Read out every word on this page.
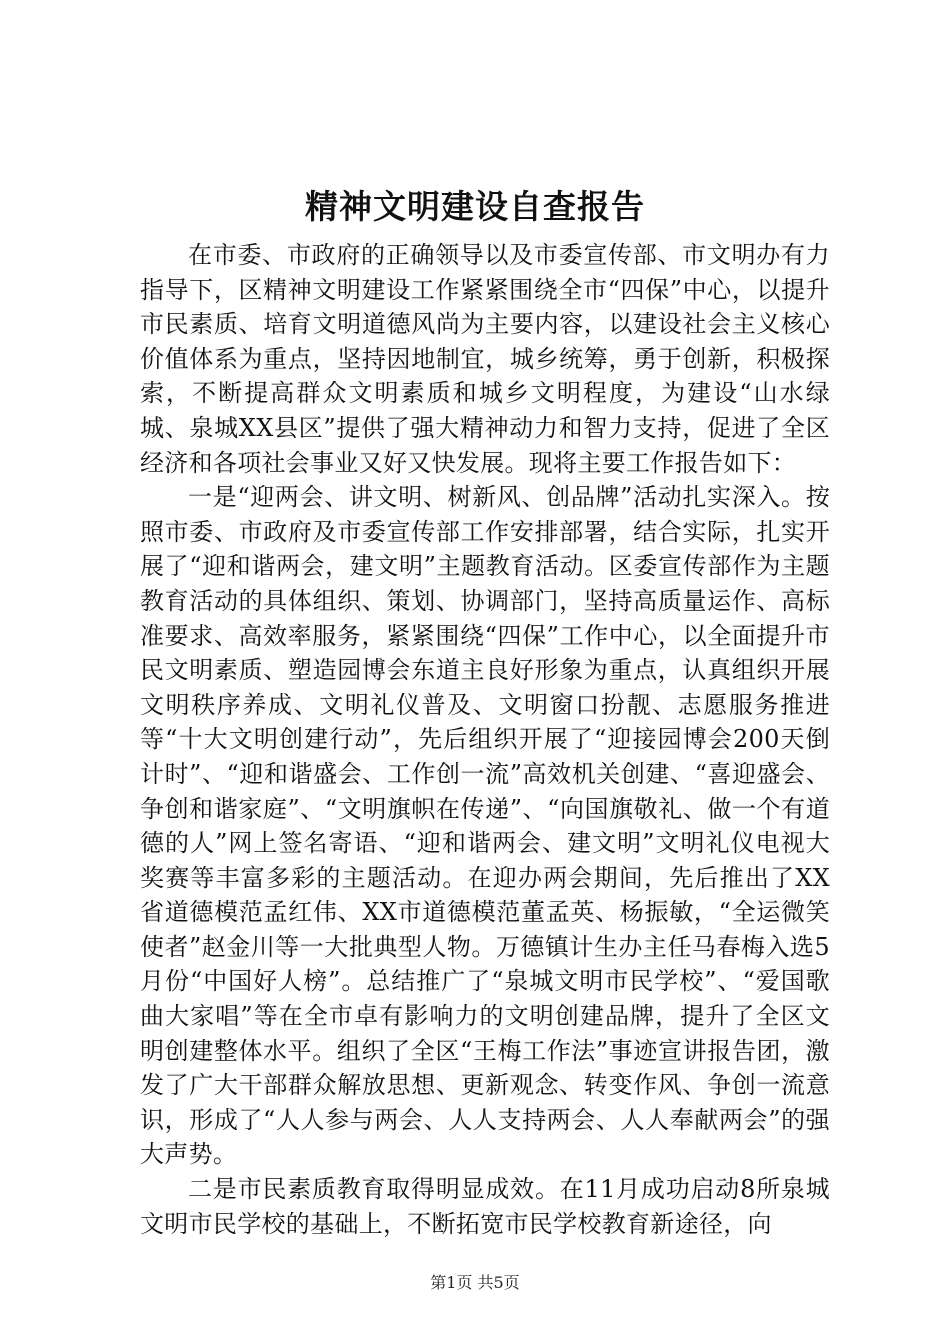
精神文明建设自查报告

在市委、市政府的正确领导以及市委宣传部、市文明办有力指导下，区精神文明建设工作紧紧围绕全市“四保”中心，以提升市民素质、培育文明道德风尚为主要内容，以建设社会主义核心价值体系为重点，坚持因地制宜，城乡统筹，勇于创新，积极探索，不断提高群众文明素质和城乡文明程度，为建设“山水绿城、泉城XX县区”提供了强大精神动力和智力支持，促进了全区经济和各项社会事业又好又快发展。现将主要工作报告如下：

一是“迎两会、讲文明、树新风、创品牌”活动扎实深入。按照市委、市政府及市委宣传部工作安排部署，结合实际，扎实开展了“迎和谐两会，建文明”主题教育活动。区委宣传部作为主题教育活动的具体组织、策划、协调部门，坚持高质量运作、高标准要求、高效率服务，紧紧围绕“四保”工作中心，以全面提升市民文明素质、塑造园博会东道主良好形象为重点，认真组织开展文明秩序养成、文明礼仪普及、文明窗口扮靓、志愿服务推进等“十大文明创建行动”，先后组织开展了“迎接园博会200天倒计时”、“迎和谐盛会、工作创一流”高效机关创建、“喜迎盛会、争创和谐家庭”、“文明旗帜在传递”、“向国旗敬礼、做一个有道德的人”网上签名寄语、“迎和谐两会、建文明”文明礼仪电视大奖赛等丰富多彩的主题活动。在迎办两会期间，先后推出了XX省道德模范孟红伟、XX市道德模范董孟英、杨振敏，“全运微笑使者”赵金川等一大批典型人物。万德镇计生办主任马春梅入选5月份“中国好人榜”。总结推广了“泉城文明市民学校”、“爱国歌曲大家唱”等在全市卓有影响力的文明创建品牌，提升了全区文明创建整体水平。组织了全区“王梅工作法”事迹宣讲报告团，激发了广大干部群众解放思想、更新观念、转变作风、争创一流意识，形成了“人人参与两会、人人支持两会、人人奉献两会”的强大声势。

二是市民素质教育取得明显成效。在11月成功启动8所泉城文明市民学校的基础上，不断拓宽市民学校教育新途径，向

第1页 共5页
